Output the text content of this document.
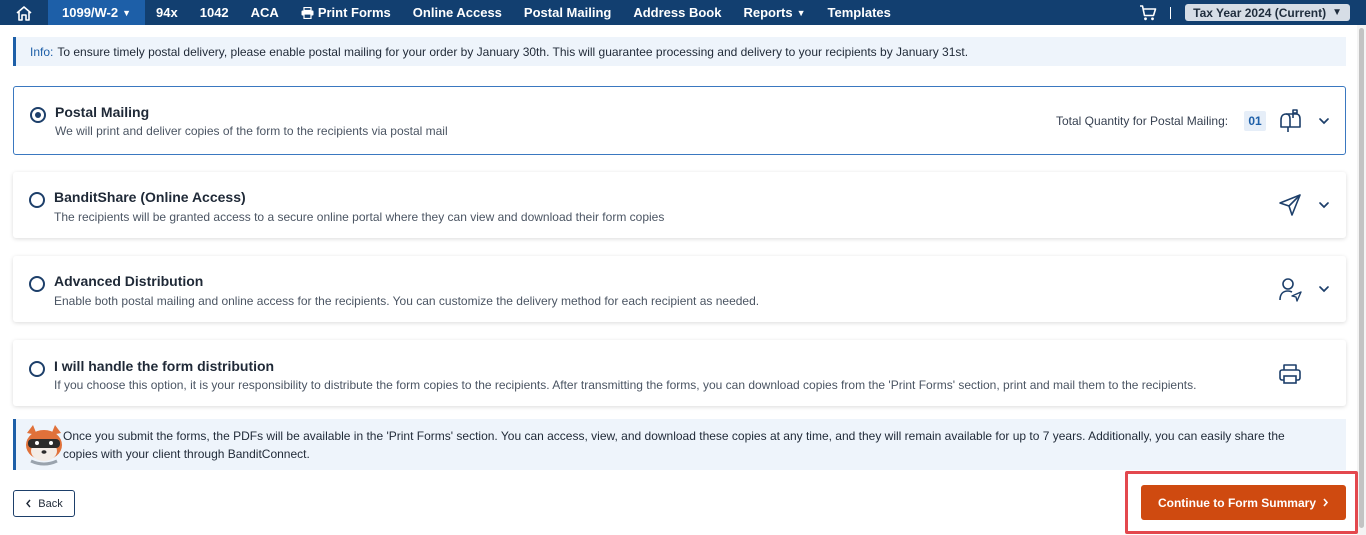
1099/W-2 ▼ 94x 1042 ACA	Print Forms Online Access Postal Mailing Address Book Reports ▼ Templates	Tax Year 2024 (Current) ▼
Info: To ensure timely postal delivery, please enable postal mailing for your order by January 30th. This will guarantee processing and delivery to your recipients by January 31st.
Postal Mailing
We will print and deliver copies of the form to the recipients via postal mail
Total Quantity for Postal Mailing:	01
BanditShare (Online Access)
The recipients will be granted access to a secure online portal where they can view and download their form copies
Advanced Distribution
Enable both postal mailing and online access for the recipients. You can customize the delivery method for each recipient as needed.
I will handle the form distribution
If you choose this option, it is your responsibility to distribute the form copies to the recipients. After transmitting the forms, you can download copies from the 'Print Forms' section, print and mail them to the recipients.
Once you submit the forms, the PDFs will be available in the 'Print Forms' section. You can access, view, and download these copies at any time, and they will remain available for up to 7 years. Additionally, you can easily share the
copies with your client through BanditConnect.
Back	Continue to Form Summary
